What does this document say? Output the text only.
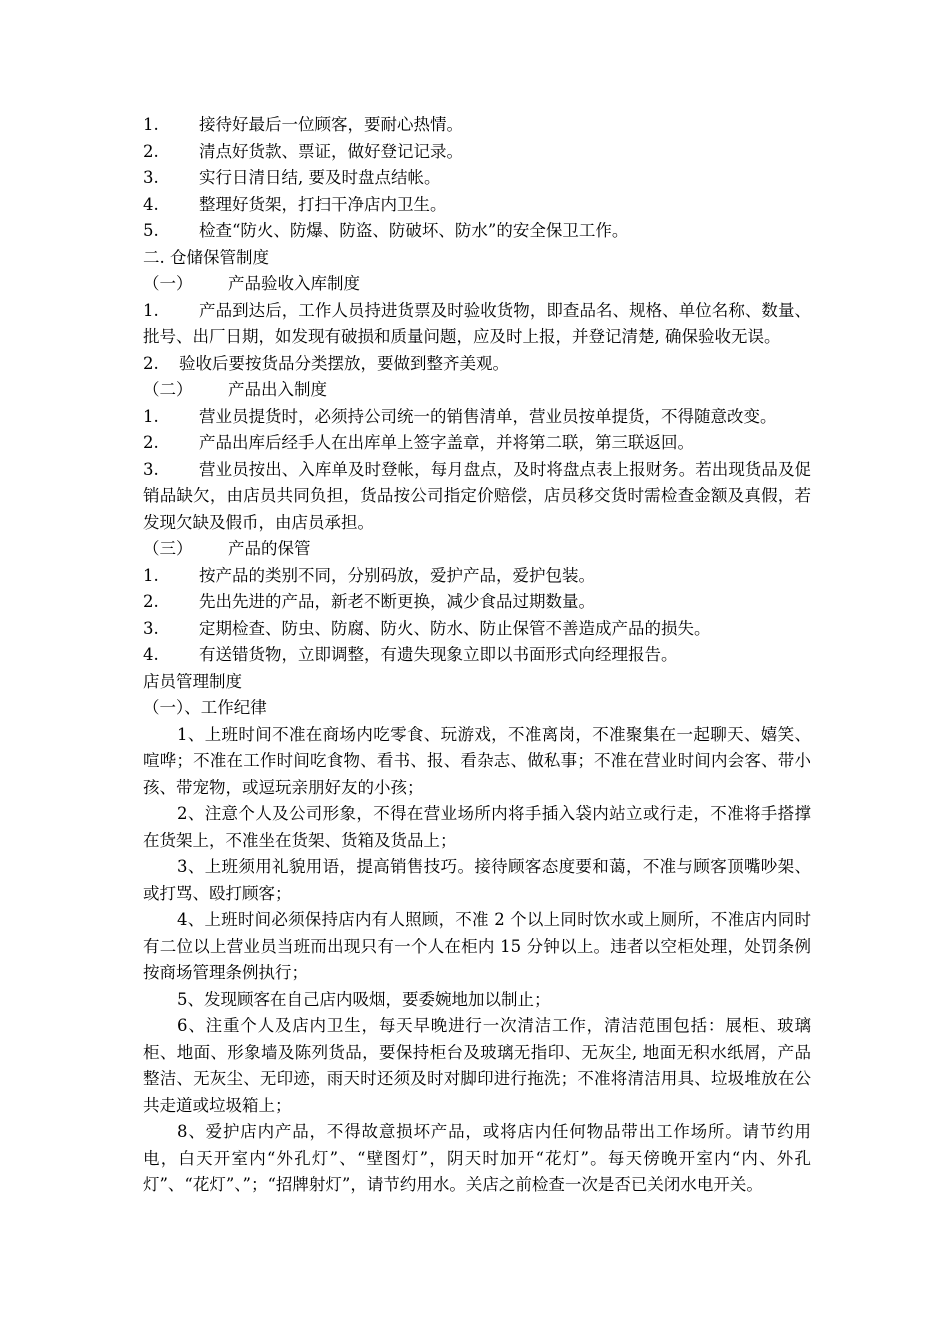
1. 接待好最后一位顾客，要耐心热情。
2. 清点好货款、票证，做好登记记录。
3. 实行日清日结, 要及时盘点结帐。
4. 整理好货架，打扫干净店内卫生。
5. 检查“防火、防爆、防盗、防破坏、防水”的安全保卫工作。
二. 仓储保管制度
（一） 产品验收入库制度
1. 产品到达后，工作人员持进货票及时验收货物，即查品名、规格、单位名称、数量、批号、出厂日期，如发现有破损和质量问题，应及时上报，并登记清楚, 确保验收无误。
2. 验收后要按货品分类摆放，要做到整齐美观。
（二） 产品出入制度
1. 营业员提货时，必须持公司统一的销售清单，营业员按单提货，不得随意改变。
2. 产品出库后经手人在出库单上签字盖章，并将第二联，第三联返回。
3. 营业员按出、入库单及时登帐，每月盘点，及时将盘点表上报财务。若出现货品及促销品缺欠，由店员共同负担，货品按公司指定价赔偿，店员移交货时需检查金额及真假，若发现欠缺及假币，由店员承担。
（三） 产品的保管
1. 按产品的类别不同，分别码放，爱护产品，爱护包装。
2. 先出先进的产品，新老不断更换，减少食品过期数量。
3. 定期检查、防虫、防腐、防火、防水、防止保管不善造成产品的损失。
4. 有送错货物，立即调整，有遗失现象立即以书面形式向经理报告。
店员管理制度
（一）、工作纪律
1、上班时间不准在商场内吃零食、玩游戏，不准离岗，不准聚集在一起聊天、嬉笑、喧哗；不准在工作时间吃食物、看书、报、看杂志、做私事；不准在营业时间内会客、带小孩、带宠物，或逗玩亲朋好友的小孩；
2、注意个人及公司形象，不得在营业场所内将手插入袋内站立或行走，不准将手搭撑在货架上，不准坐在货架、货箱及货品上；
3、上班须用礼貌用语，提高销售技巧。接待顾客态度要和蔼，不准与顾客顶嘴吵架、或打骂、殴打顾客；
4、上班时间必须保持店内有人照顾，不准 2 个以上同时饮水或上厕所，不准店内同时有二位以上营业员当班而出现只有一个人在柜内 15 分钟以上。违者以空柜处理，处罚条例按商场管理条例执行；
5、发现顾客在自己店内吸烟，要委婉地加以制止；
6、注重个人及店内卫生，每天早晚进行一次清洁工作，清洁范围包括：展柜、玻璃柜、地面、形象墙及陈列货品，要保持柜台及玻璃无指印、无灰尘, 地面无积水纸屑，产品整洁、无灰尘、无印迹，雨天时还须及时对脚印进行拖洗；不准将清洁用具、垃圾堆放在公共走道或垃圾箱上；
8、爱护店内产品，不得故意损坏产品，或将店内任何物品带出工作场所。请节约用电，白天开室内“外孔灯”、“壁图灯”，阴天时加开“花灯”。每天傍晚开室内“内、外孔灯”、“花灯”、”；“招牌射灯”，请节约用水。关店之前检查一次是否已关闭水电开关。
